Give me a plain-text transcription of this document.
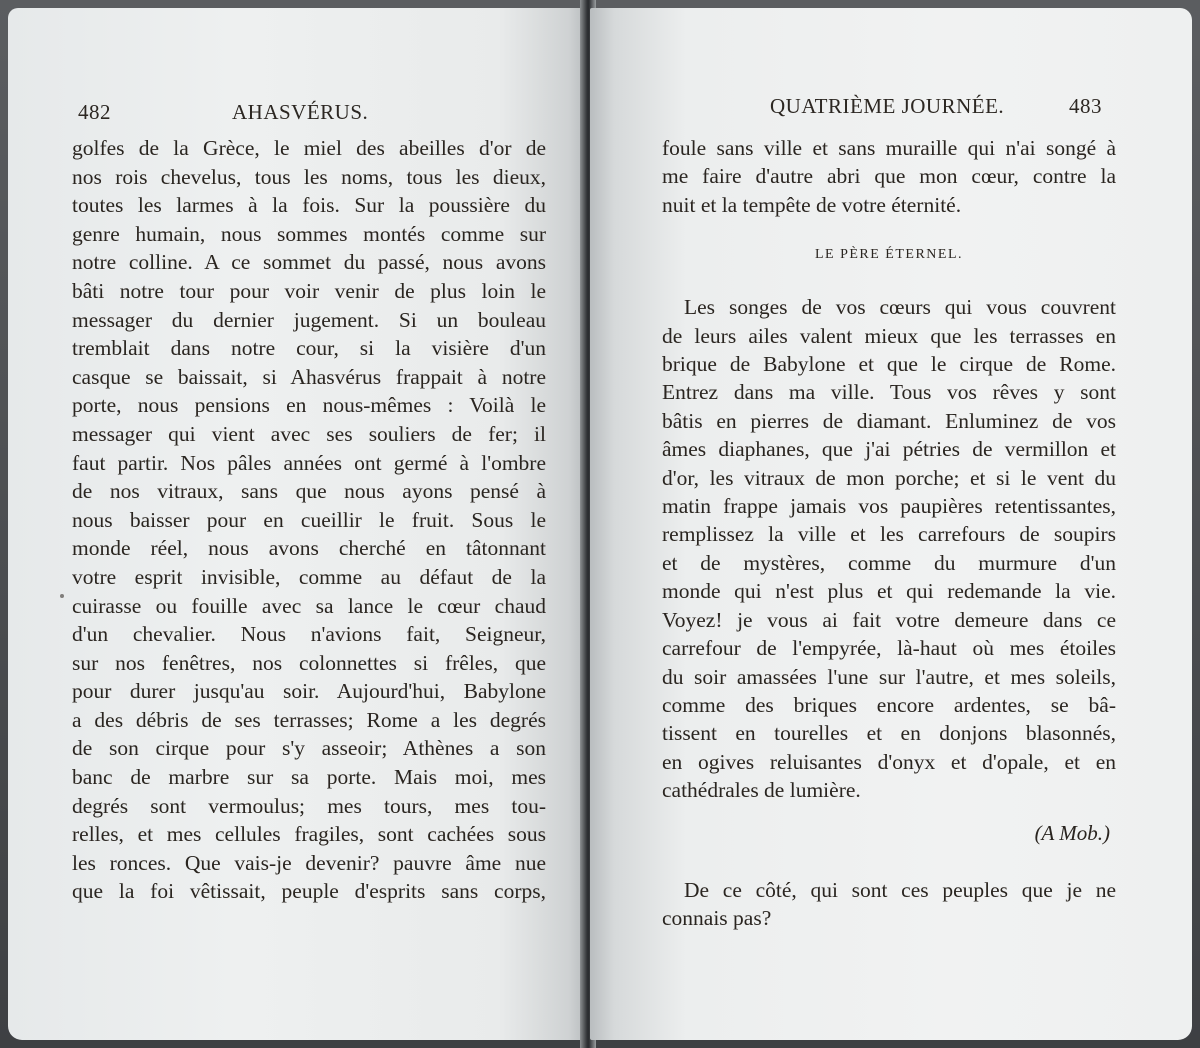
482	AHASVÉRUS.
golfes de la Grèce, le miel des abeilles d'or de
nos rois chevelus, tous les noms, tous les dieux,
toutes les larmes à la fois. Sur la poussière du
genre humain, nous sommes montés comme sur
notre colline. A ce sommet du passé, nous avons
bâti notre tour pour voir venir de plus loin le
messager du dernier jugement. Si un bouleau
tremblait dans notre cour, si la visière d'un
casque se baissait, si Ahasvérus frappait à notre
porte, nous pensions en nous-mêmes : Voilà le
messager qui vient avec ses souliers de fer; il
faut partir. Nos pâles années ont germé à l'ombre
de nos vitraux, sans que nous ayons pensé à
nous baisser pour en cueillir le fruit. Sous le
monde réel, nous avons cherché en tâtonnant
votre esprit invisible, comme au défaut de la
cuirasse ou fouille avec sa lance le cœur chaud
d'un chevalier. Nous n'avions fait, Seigneur,
sur nos fenêtres, nos colonnettes si frêles, que
pour durer jusqu'au soir. Aujourd'hui, Babylone
a des débris de ses terrasses; Rome a les degrés
de son cirque pour s'y asseoir; Athènes a son
banc de marbre sur sa porte. Mais moi, mes
degrés sont vermoulus; mes tours, mes tou-
relles, et mes cellules fragiles, sont cachées sous
les ronces. Que vais-je devenir? pauvre âme nue
que la foi vêtissait, peuple d'esprits sans corps,
QUATRIÈME JOURNÉE.	483
foule sans ville et sans muraille qui n'ai songé à
me faire d'autre abri que mon cœur, contre la
nuit et la tempête de votre éternité.
LE PÈRE ÉTERNEL.
Les songes de vos cœurs qui vous couvrent
de leurs ailes valent mieux que les terrasses en
brique de Babylone et que le cirque de Rome.
Entrez dans ma ville. Tous vos rêves y sont
bâtis en pierres de diamant. Enluminez de vos
âmes diaphanes, que j'ai pétries de vermillon et
d'or, les vitraux de mon porche; et si le vent du
matin frappe jamais vos paupières retentissantes,
remplissez la ville et les carrefours de soupirs
et de mystères, comme du murmure d'un
monde qui n'est plus et qui redemande la vie.
Voyez! je vous ai fait votre demeure dans ce
carrefour de l'empyrée, là-haut où mes étoiles
du soir amassées l'une sur l'autre, et mes soleils,
comme des briques encore ardentes, se bâ-
tissent en tourelles et en donjons blasonnés,
en ogives reluisantes d'onyx et d'opale, et en
cathédrales de lumière.
(A Mob.)
De ce côté, qui sont ces peuples que je ne
connais pas?
